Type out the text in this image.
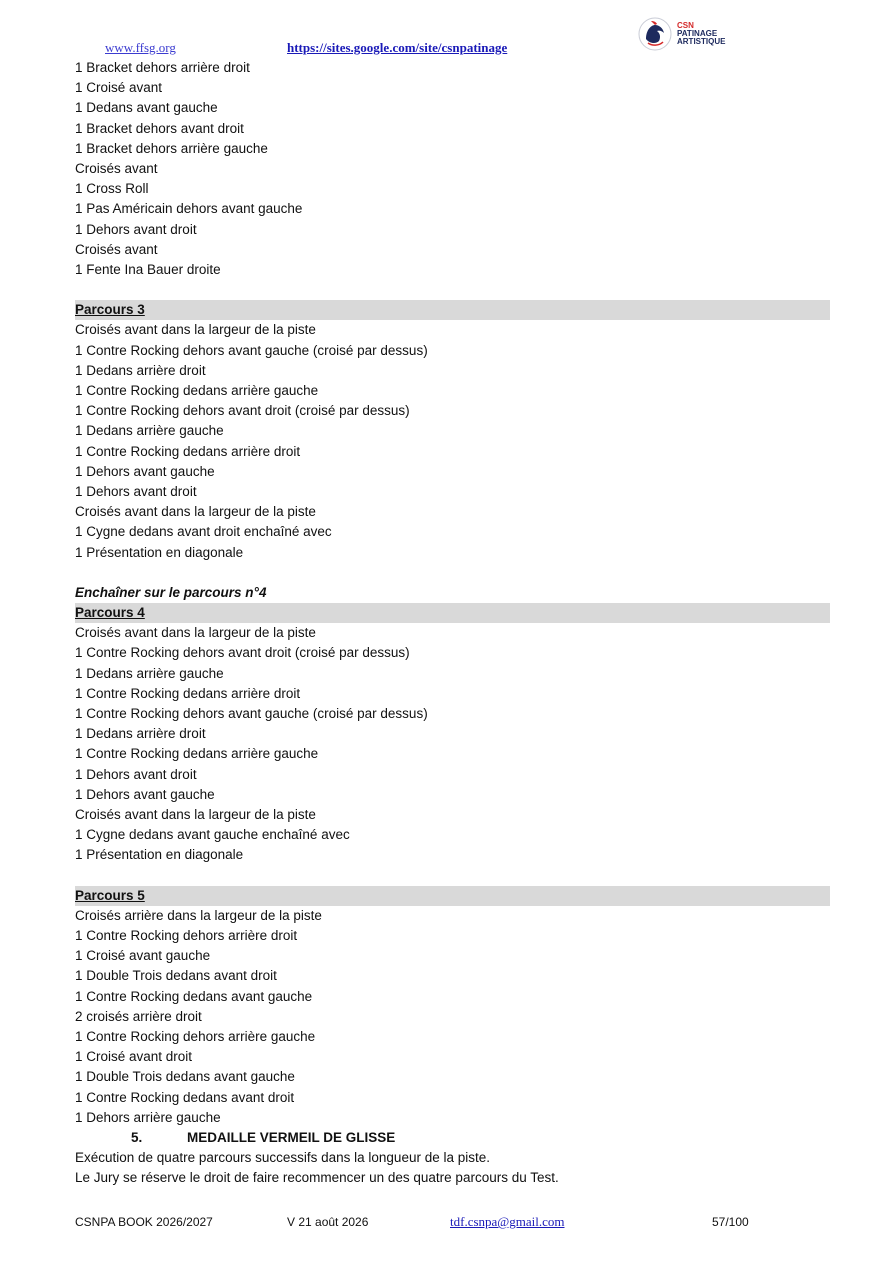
www.ffsg.org	https://sites.google.com/site/csnpatinage
CSN
PATINAGE
ARTISTIQUE
1 Bracket dehors arrière droit
1 Croisé avant
1 Dedans avant gauche
1 Bracket dehors avant droit
1 Bracket dehors arrière gauche
Croisés avant
1 Cross Roll
1 Pas Américain dehors avant gauche
1 Dehors avant droit
Croisés avant
1 Fente Ina Bauer droite
Parcours 3
Croisés avant dans la largeur de la piste
1 Contre Rocking dehors avant gauche (croisé par dessus)
1 Dedans arrière droit
1 Contre Rocking dedans arrière gauche
1 Contre Rocking dehors avant droit (croisé par dessus)
1 Dedans arrière gauche
1 Contre Rocking dedans arrière droit
1 Dehors avant gauche
1 Dehors avant droit
Croisés avant dans la largeur de la piste
1 Cygne dedans avant droit enchaîné avec
1 Présentation en diagonale
Enchaîner sur le parcours n°4
Parcours 4
Croisés avant dans la largeur de la piste
1 Contre Rocking dehors avant droit (croisé par dessus)
1 Dedans arrière gauche
1 Contre Rocking dedans arrière droit
1 Contre Rocking dehors avant gauche (croisé par dessus)
1 Dedans arrière droit
1 Contre Rocking dedans arrière gauche
1 Dehors avant droit
1 Dehors avant gauche
Croisés avant dans la largeur de la piste
1 Cygne dedans avant gauche enchaîné avec
1 Présentation en diagonale
Parcours 5
Croisés arrière dans la largeur de la piste
1 Contre Rocking dehors arrière droit
1 Croisé avant gauche
1 Double Trois dedans avant droit
1 Contre Rocking dedans avant gauche
2 croisés arrière droit
1 Contre Rocking dehors arrière gauche
1 Croisé avant droit
1 Double Trois dedans avant gauche
1 Contre Rocking dedans avant droit
1 Dehors arrière gauche
5.	MEDAILLE VERMEIL DE GLISSE
Exécution de quatre parcours successifs dans la longueur de la piste.
Le Jury se réserve le droit de faire recommencer un des quatre parcours du Test.
CSNPA BOOK 2026/2027	V 21 août 2026	tdf.csnpa@gmail.com	57/100
